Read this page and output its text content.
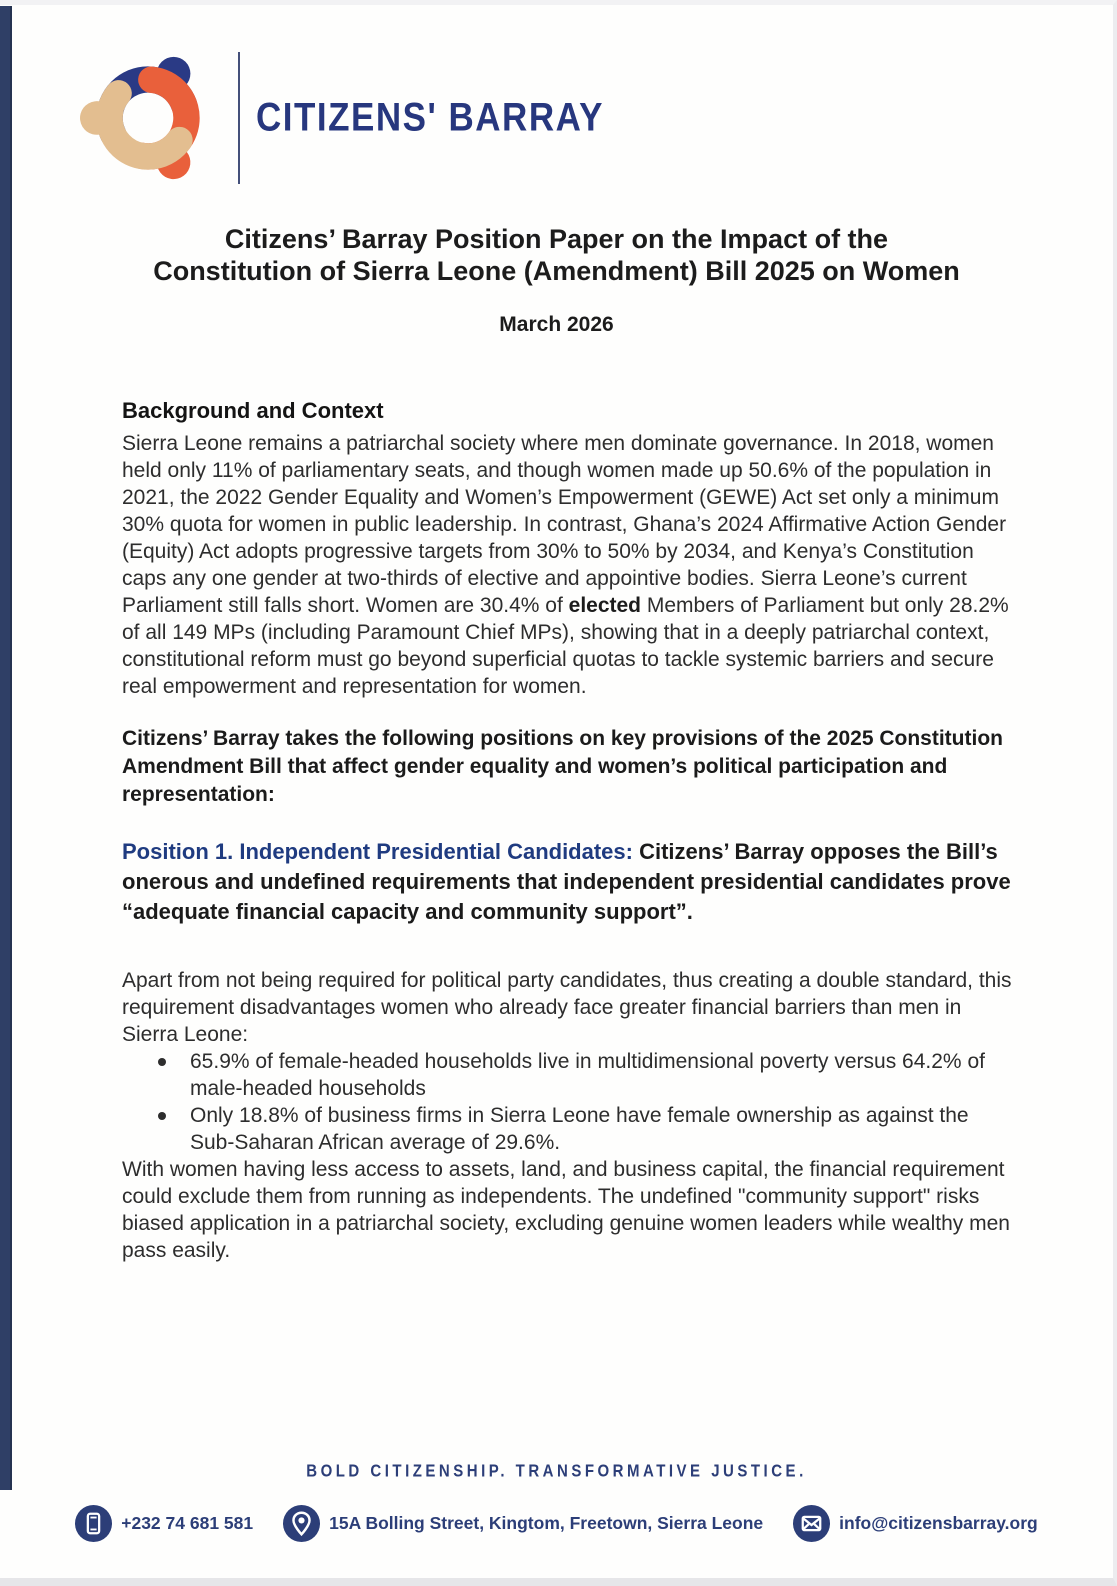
CITIZENS' BARRAY
Citizens’ Barray Position Paper on the Impact of the
Constitution of Sierra Leone (Amendment) Bill 2025 on Women
March 2026
Background and Context

Sierra Leone remains a patriarchal society where men dominate governance. In 2018, women held only 11% of parliamentary seats, and though women made up 50.6% of the population in 2021, the 2022 Gender Equality and Women’s Empowerment (GEWE) Act set only a minimum 30% quota for women in public leadership. In contrast, Ghana’s 2024 Affirmative Action Gender (Equity) Act adopts progressive targets from 30% to 50% by 2034, and Kenya’s Constitution caps any one gender at two-thirds of elective and appointive bodies. Sierra Leone’s current Parliament still falls short. Women are 30.4% of elected Members of Parliament but only 28.2% of all 149 MPs (including Paramount Chief MPs), showing that in a deeply patriarchal context, constitutional reform must go beyond superficial quotas to tackle systemic barriers and secure real empowerment and representation for women.

Citizens’ Barray takes the following positions on key provisions of the 2025 Constitution Amendment Bill that affect gender equality and women’s political participation and representation:

Position 1. Independent Presidential Candidates: Citizens’ Barray opposes the Bill’s onerous and undefined requirements that independent presidential candidates prove “adequate financial capacity and community support”.

Apart from not being required for political party candidates, thus creating a double standard, this requirement disadvantages women who already face greater financial barriers than men in Sierra Leone:

65.9% of female-headed households live in multidimensional poverty versus 64.2% of male-headed households
Only 18.8% of business firms in Sierra Leone have female ownership as against the Sub-Saharan African average of 29.6%.

With women having less access to assets, land, and business capital, the financial requirement could exclude them from running as independents. The undefined "community support" risks biased application in a patriarchal society, excluding genuine women leaders while wealthy men pass easily.

BOLD CITIZENSHIP. TRANSFORMATIVE JUSTICE.
+232 74 681 581	15A Bolling Street, Kingtom, Freetown, Sierra Leone	info@citizensbarray.org
